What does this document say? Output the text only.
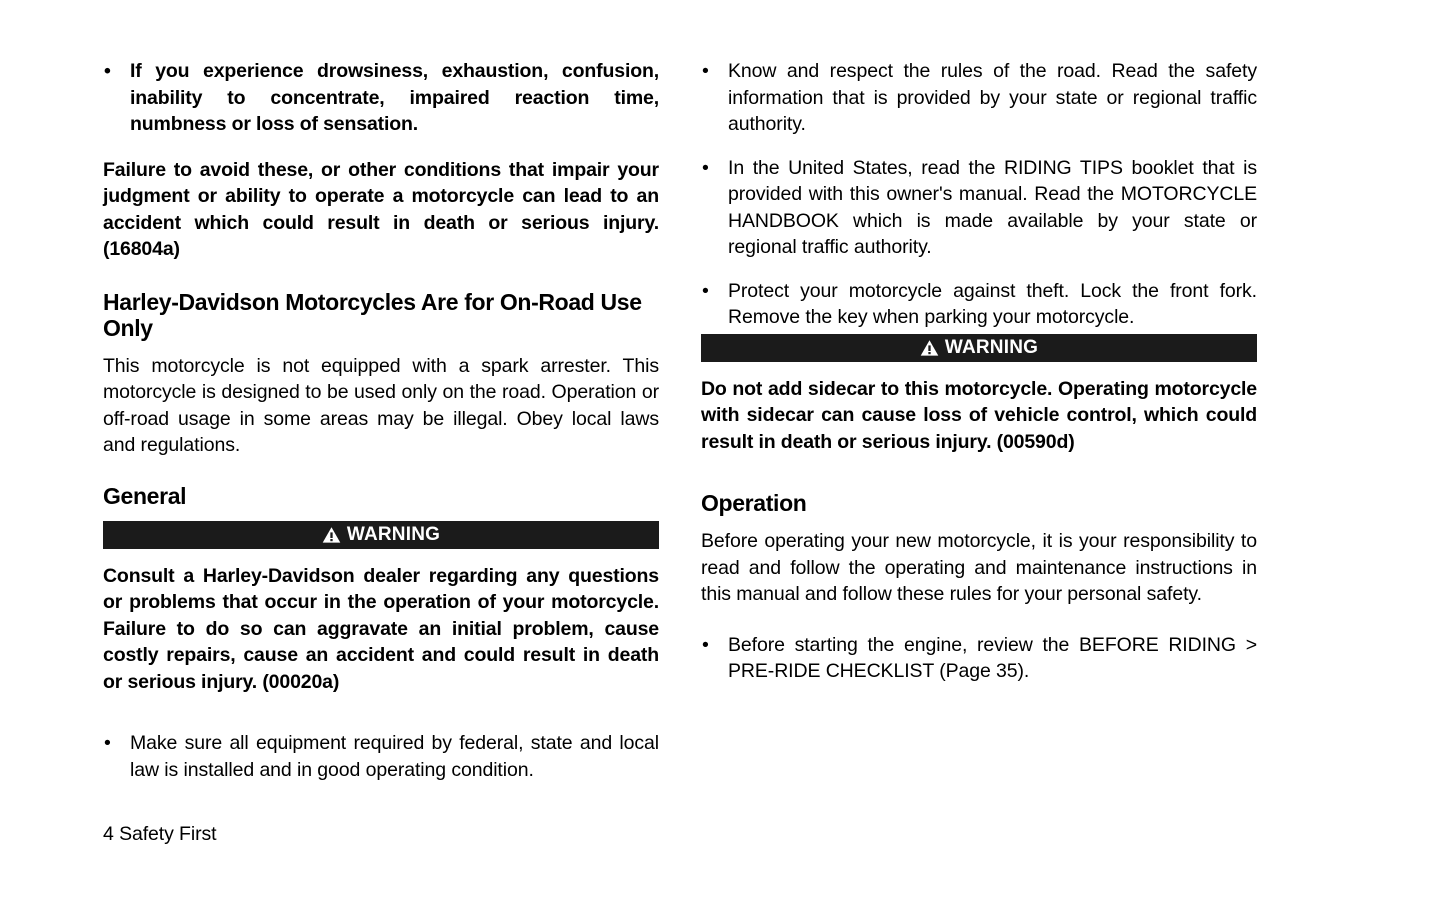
• If you experience drowsiness, exhaustion, confusion, inability to concentrate, impaired reaction time, numbness or loss of sensation.

Failure to avoid these, or other conditions that impair your judgment or ability to operate a motorcycle can lead to an accident which could result in death or serious injury. (16804a)

Harley-Davidson Motorcycles Are for On-Road Use Only

This motorcycle is not equipped with a spark arrester. This motorcycle is designed to be used only on the road. Operation or off-road usage in some areas may be illegal. Obey local laws and regulations.

General
WARNING

Consult a Harley-Davidson dealer regarding any questions or problems that occur in the operation of your motorcycle. Failure to do so can aggravate an initial problem, cause costly repairs, cause an accident and could result in death or serious injury. (00020a)

• Make sure all equipment required by federal, state and local law is installed and in good operating condition.
• Know and respect the rules of the road. Read the safety information that is provided by your state or regional traffic authority.
• In the United States, read the RIDING TIPS booklet that is provided with this owner's manual. Read the MOTORCYCLE HANDBOOK which is made available by your state or regional traffic authority.
• Protect your motorcycle against theft. Lock the front fork. Remove the key when parking your motorcycle.
WARNING

Do not add sidecar to this motorcycle. Operating motorcycle with sidecar can cause loss of vehicle control, which could result in death or serious injury. (00590d)

Operation

Before operating your new motorcycle, it is your responsibility to read and follow the operating and maintenance instructions in this manual and follow these rules for your personal safety.

• Before starting the engine, review the BEFORE RIDING > PRE-RIDE CHECKLIST (Page 35).
4 Safety First
